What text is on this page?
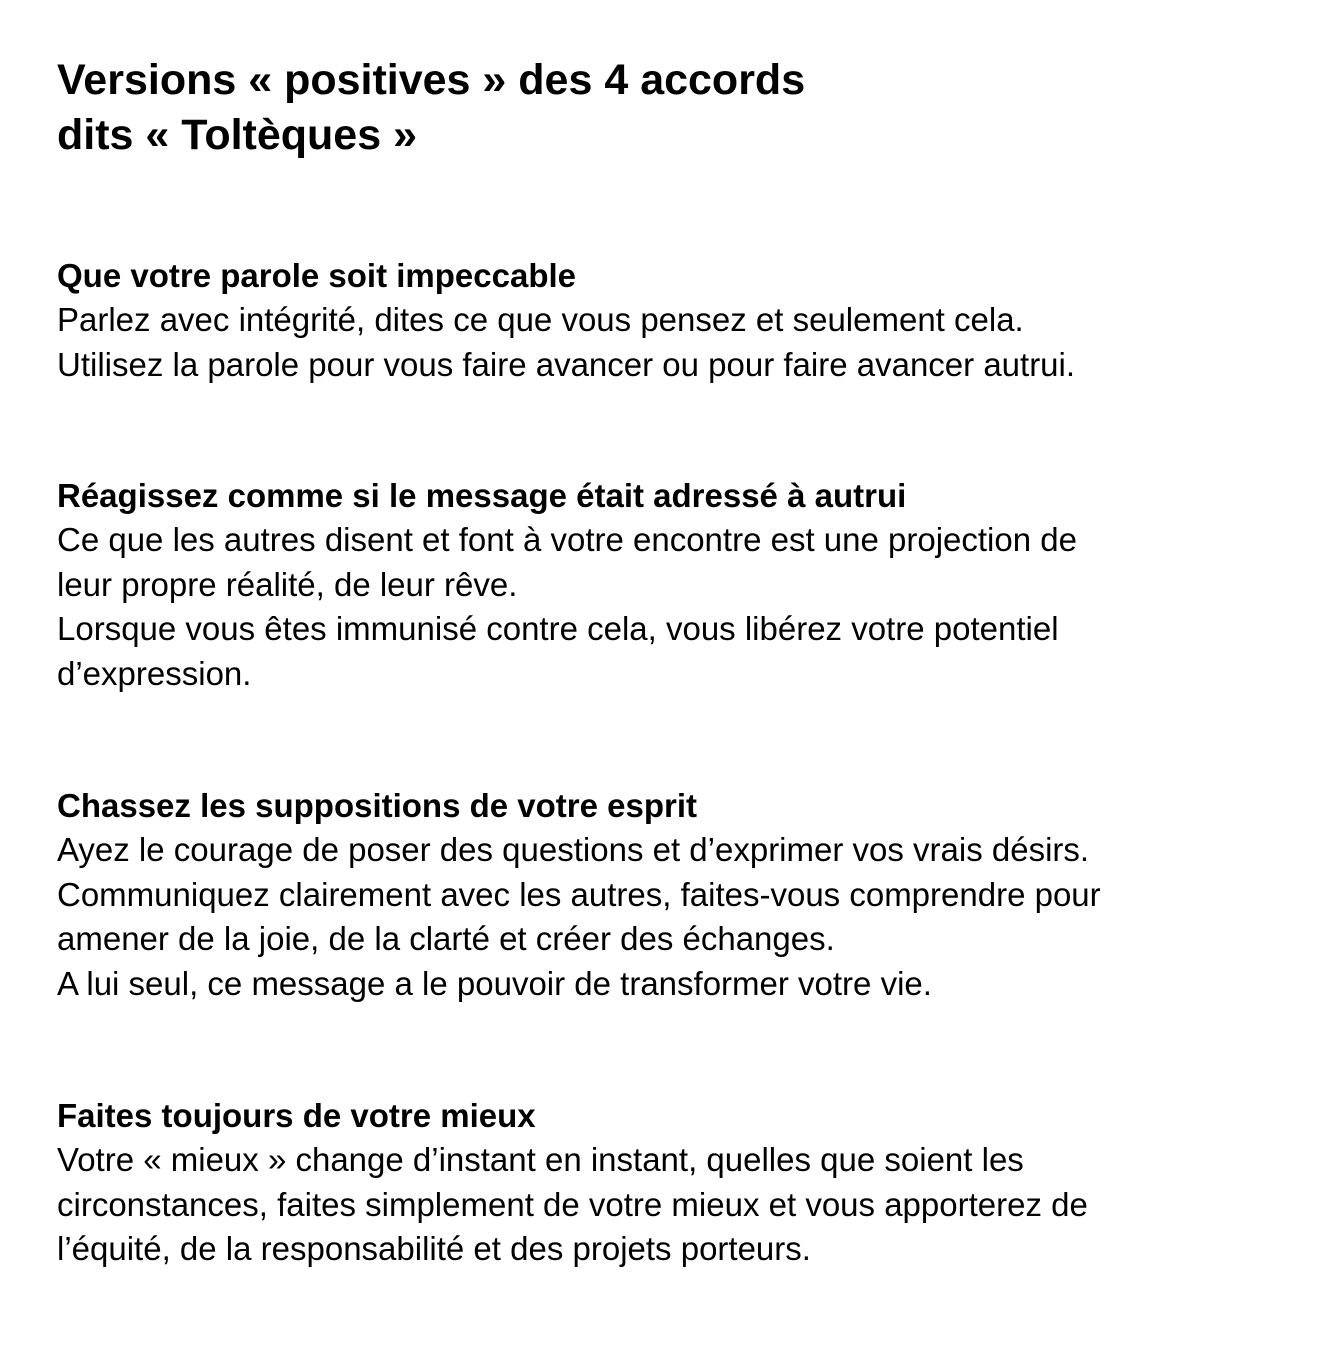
Versions « positives » des 4 accords
dits « Toltèques »
Que votre parole soit impeccable
Parlez avec intégrité, dites ce que vous pensez et seulement cela.
Utilisez la parole pour vous faire avancer ou pour faire avancer autrui.
Réagissez comme si le message était adressé à autrui
Ce que les autres disent et font à votre encontre est une projection de
leur propre réalité, de leur rêve.
Lorsque vous êtes immunisé contre cela, vous libérez votre potentiel
d’expression.
Chassez les suppositions de votre esprit
Ayez le courage de poser des questions et d’exprimer vos vrais désirs.
Communiquez clairement avec les autres, faites-vous comprendre pour
amener de la joie, de la clarté et créer des échanges.
A lui seul, ce message a le pouvoir de transformer votre vie.
Faites toujours de votre mieux
Votre « mieux » change d’instant en instant, quelles que soient les
circonstances, faites simplement de votre mieux et vous apporterez de
l’équité, de la responsabilité et des projets porteurs.
